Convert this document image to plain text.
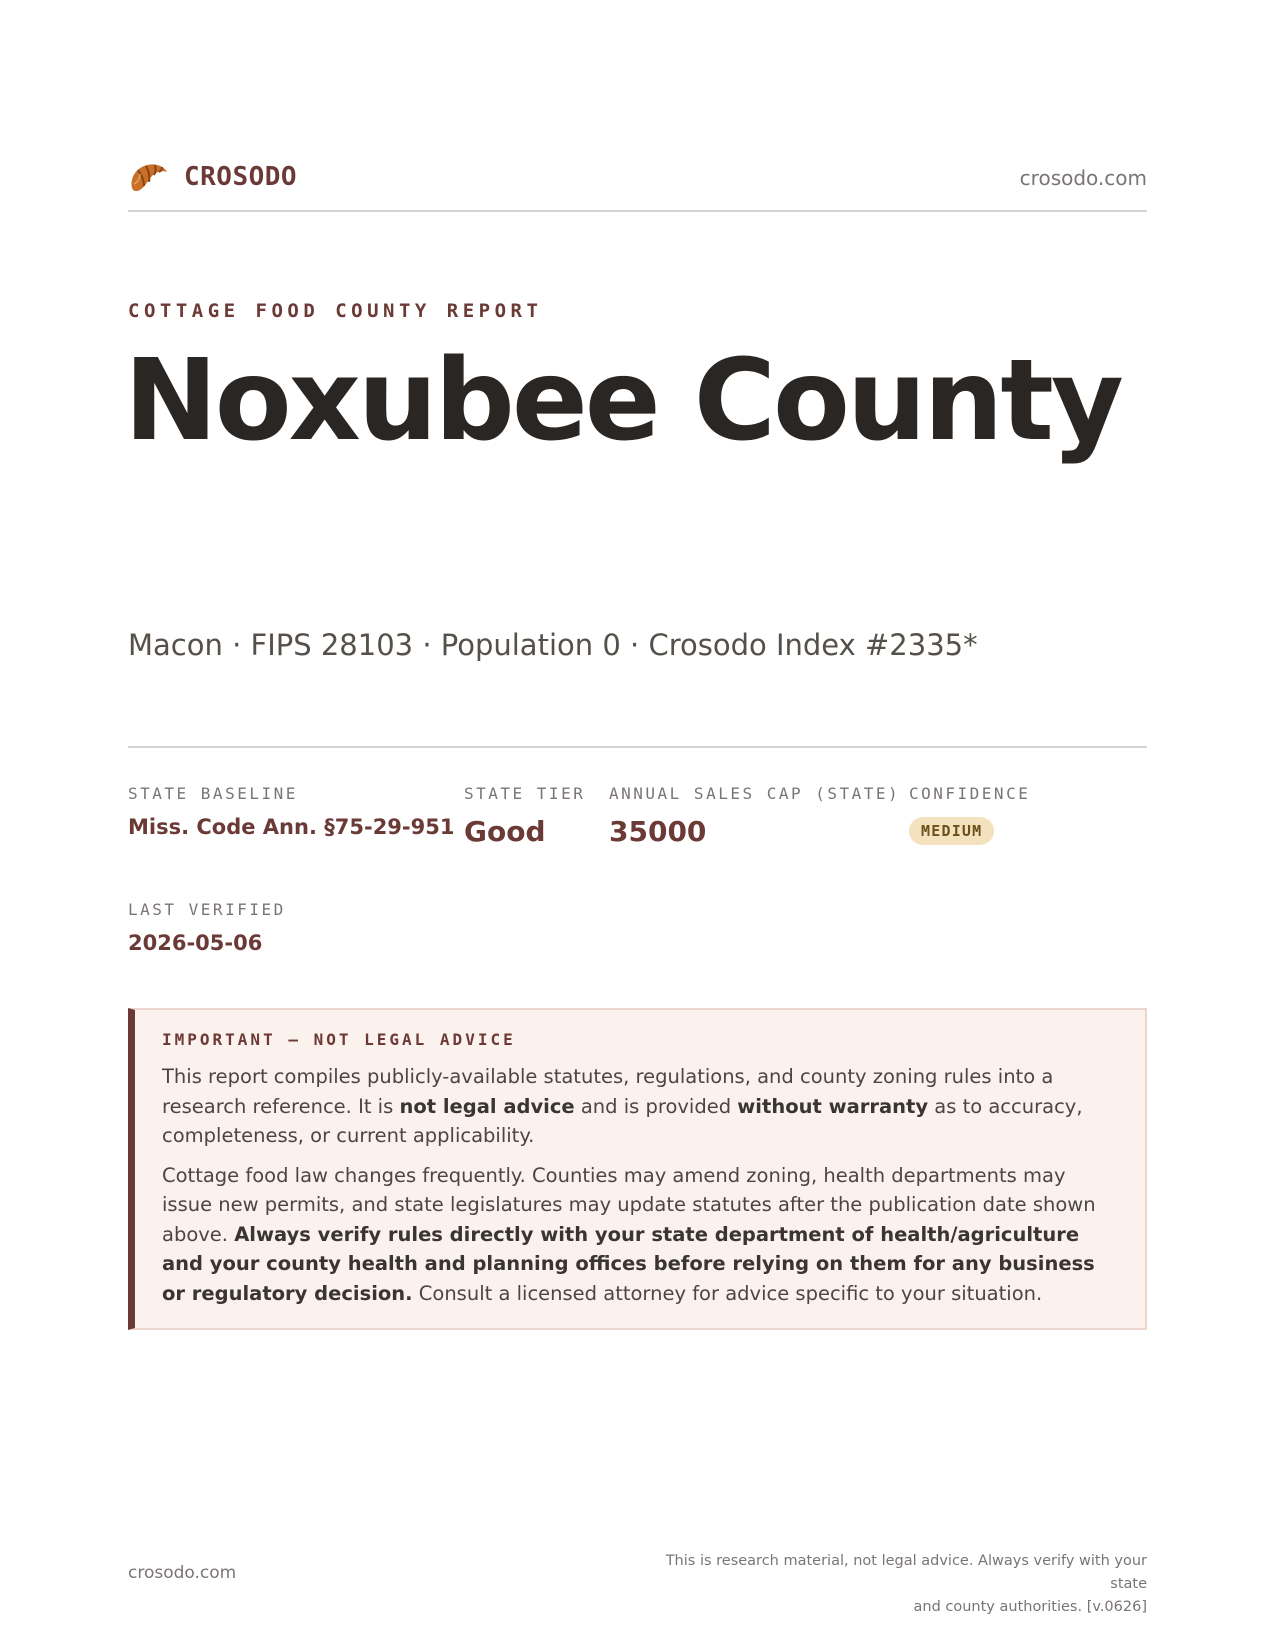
CROSODO	crosodo.com
COTTAGE FOOD COUNTY REPORT
Noxubee County
Macon · FIPS 28103 · Population 0 · Crosodo Index #2335*
STATE BASELINE
Miss. Code Ann. §75-29-951
STATE TIER
Good
ANNUAL SALES CAP (STATE)
35000
CONFIDENCE
MEDIUM
LAST VERIFIED
2026-05-06
IMPORTANT — NOT LEGAL ADVICE

This report compiles publicly-available statutes, regulations, and county zoning rules into a research reference. It is not legal advice and is provided without warranty as to accuracy, completeness, or current applicability.

Cottage food law changes frequently. Counties may amend zoning, health departments may issue new permits, and state legislatures may update statutes after the publication date shown above. Always verify rules directly with your state department of health/agriculture and your county health and planning offices before relying on them for any business or regulatory decision. Consult a licensed attorney for advice specific to your situation.

crosodo.com
This is research material, not legal advice. Always verify with your state
and county authorities. [v.0626]
